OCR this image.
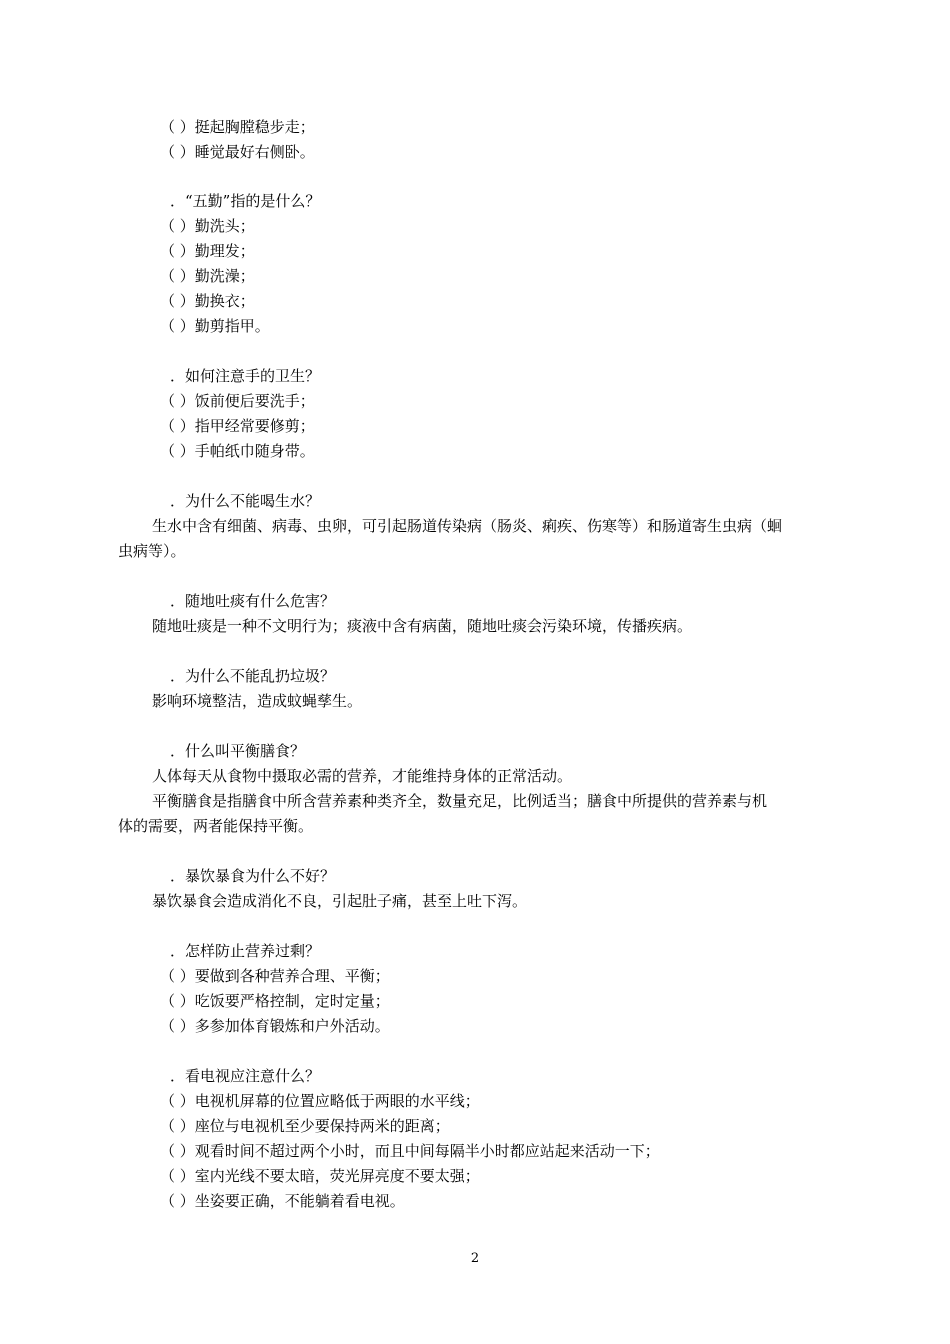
（ ）挺起胸膛稳步走；
（ ）睡觉最好右侧卧。
．“五勤”指的是什么？
（ ）勤洗头；
（ ）勤理发；
（ ）勤洗澡；
（ ）勤换衣；
（ ）勤剪指甲。
．如何注意手的卫生？
（ ）饭前便后要洗手；
（ ）指甲经常要修剪；
（ ）手帕纸巾随身带。
．为什么不能喝生水？
生水中含有细菌、病毒、虫卵，可引起肠道传染病（肠炎、痢疾、伤寒等）和肠道寄生虫病（蛔
虫病等）。
．随地吐痰有什么危害？
随地吐痰是一种不文明行为；痰液中含有病菌，随地吐痰会污染环境，传播疾病。
．为什么不能乱扔垃圾？
影响环境整洁，造成蚊蝇孳生。
．什么叫平衡膳食？
人体每天从食物中摄取必需的营养，才能维持身体的正常活动。
平衡膳食是指膳食中所含营养素种类齐全，数量充足，比例适当；膳食中所提供的营养素与机
体的需要，两者能保持平衡。
．暴饮暴食为什么不好？
暴饮暴食会造成消化不良，引起肚子痛，甚至上吐下泻。
．怎样防止营养过剩？
（ ）要做到各种营养合理、平衡；
（ ）吃饭要严格控制，定时定量；
（ ）多参加体育锻炼和户外活动。
．看电视应注意什么？
（ ）电视机屏幕的位置应略低于两眼的水平线；
（ ）座位与电视机至少要保持两米的距离；
（ ）观看时间不超过两个小时，而且中间每隔半小时都应站起来活动一下；
（ ）室内光线不要太暗，荧光屏亮度不要太强；
（ ）坐姿要正确，不能躺着看电视。
2
